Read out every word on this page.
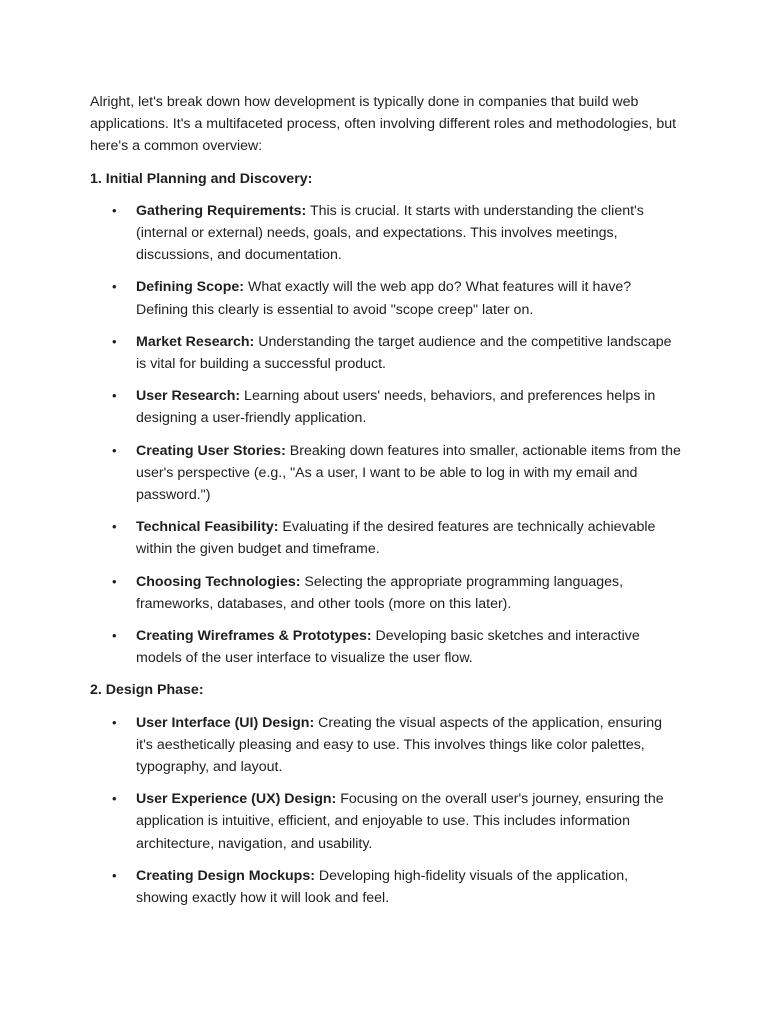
Alright, let's break down how development is typically done in companies that build web applications. It's a multifaceted process, often involving different roles and methodologies, but here's a common overview:

1. Initial Planning and Discovery:
• Gathering Requirements: This is crucial. It starts with understanding the client's (internal or external) needs, goals, and expectations. This involves meetings, discussions, and documentation.
• Defining Scope: What exactly will the web app do? What features will it have? Defining this clearly is essential to avoid "scope creep" later on.
• Market Research: Understanding the target audience and the competitive landscape is vital for building a successful product.
• User Research: Learning about users' needs, behaviors, and preferences helps in designing a user-friendly application.
• Creating User Stories: Breaking down features into smaller, actionable items from the user's perspective (e.g., "As a user, I want to be able to log in with my email and password.")
• Technical Feasibility: Evaluating if the desired features are technically achievable within the given budget and timeframe.
• Choosing Technologies: Selecting the appropriate programming languages, frameworks, databases, and other tools (more on this later).
• Creating Wireframes & Prototypes: Developing basic sketches and interactive models of the user interface to visualize the user flow.
2. Design Phase:
• User Interface (UI) Design: Creating the visual aspects of the application, ensuring it's aesthetically pleasing and easy to use. This involves things like color palettes, typography, and layout.
• User Experience (UX) Design: Focusing on the overall user's journey, ensuring the application is intuitive, efficient, and enjoyable to use. This includes information architecture, navigation, and usability.
• Creating Design Mockups: Developing high-fidelity visuals of the application, showing exactly how it will look and feel.
